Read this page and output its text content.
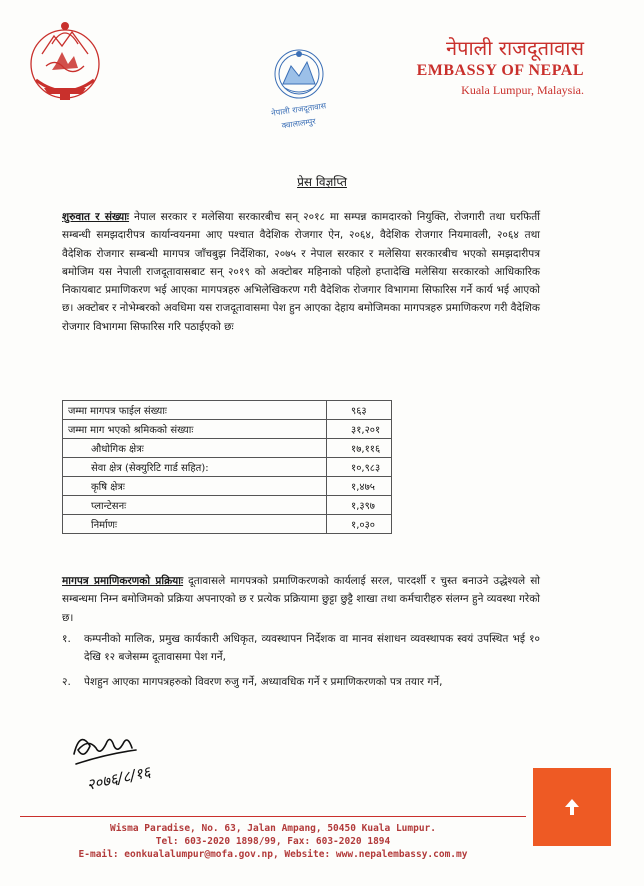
नेपाली राजदूतावास
क्वालालम्पुर
नेपाली राजदूतावास
EMBASSY OF NEPAL
Kuala Lumpur, Malaysia.
प्रेस विज्ञप्ति

शुरुवात र संख्याः नेपाल सरकार र मलेसिया सरकारबीच सन् २०१८ मा सम्पन्न कामदारको नियुक्ति, रोजगारी तथा घरफिर्ती सम्बन्धी समझदारीपत्र कार्यान्वयनमा आए पश्चात वैदेशिक रोजगार ऐन, २०६४, वैदेशिक रोजगार नियमावली, २०६४ तथा वैदेशिक रोजगार सम्बन्धी मागपत्र जाँचबुझ निर्देशिका, २०७५ र नेपाल सरकार र मलेसिया सरकारबीच भएको समझदारीपत्र बमोजिम यस नेपाली राजदूतावासबाट सन् २०१९ को अक्टोबर महिनाको पहिलो हप्तादेखि मलेसिया सरकारको आधिकारिक निकायबाट प्रमाणिकरण भई आएका मागपत्रहरु अभिलेखिकरण गरी वैदेशिक रोजगार विभागमा सिफारिस गर्ने कार्य भई आएको छ। अक्टोबर र नोभेम्बरको अवधिमा यस राजदूतावासमा पेश हुन आएका देहाय बमोजिमका मागपत्रहरु प्रमाणिकरण गरी वैदेशिक रोजगार विभागमा सिफारिस गरि पठाईएको छः

जम्मा मागपत्र फाईल संख्याः	९६३
जम्मा माग भएको श्रमिकको संख्याः	३१,२०१
औधोगिक क्षेत्रः	१७,११६
सेवा क्षेत्र (सेक्युरिटि गार्ड सहित):	१०,९८३
कृषि क्षेत्रः	१,४७५
प्लान्टेसनः	१,३९७
निर्माणः	१,०३०

मागपत्र प्रमाणिकरणको प्रक्रियाः दूतावासले मागपत्रको प्रमाणिकरणको कार्यलाई सरल, पारदर्शी र चुस्त बनाउने उद्धेश्यले सो सम्बन्धमा निम्न बमोजिमको प्रक्रिया अपनाएको छ र प्रत्येक प्रक्रियामा छुट्टा छुट्टै शाखा तथा कर्मचारीहरु संलग्न हुने व्यवस्था गरेको छ।

१.	कम्पनीको मालिक, प्रमुख कार्यकारी अधिकृत, व्यवस्थापन निर्देशक वा मानव संशाधन व्यवस्थापक स्वयं उपस्थित भई १० देखि १२ बजेसम्म दूतावासमा पेश गर्ने,
२.	पेशहुन आएका मागपत्रहरुको विवरण रुजु गर्ने, अध्यावधिक गर्ने र प्रमाणिकरणको पत्र तयार गर्ने,
२०७६/८/१६
Wisma Paradise, No. 63, Jalan Ampang, 50450 Kuala Lumpur.
Tel: 603-2020 1898/99, Fax: 603-2020 1894
E-mail: eonkualalumpur@mofa.gov.np, Website: www.nepalembassy.com.my
